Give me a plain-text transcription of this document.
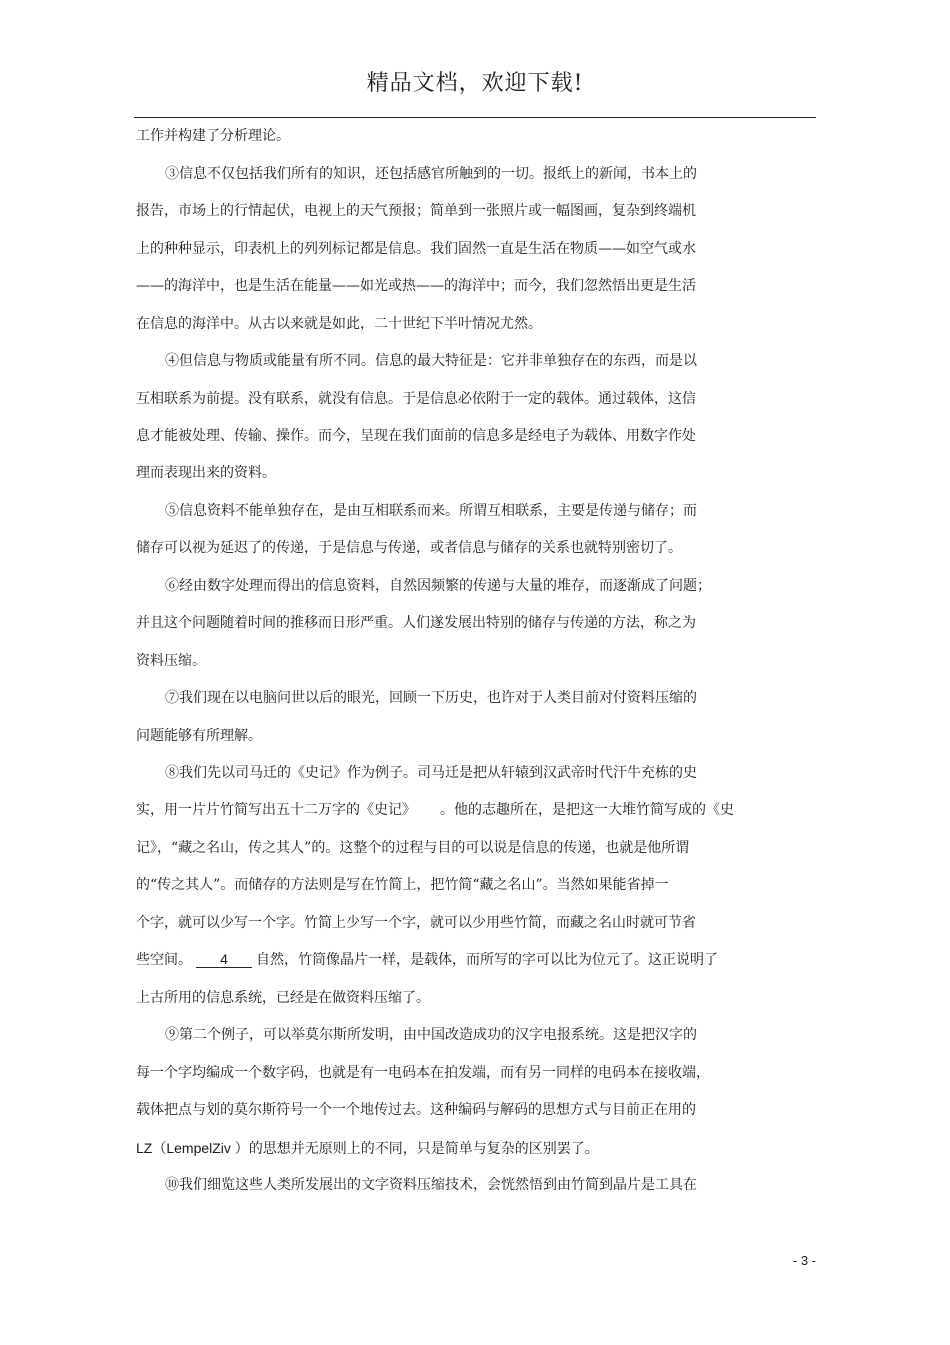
精品文档，欢迎下载!
工作并构建了分析理论。
③信息不仅包括我们所有的知识，还包括感官所触到的一切。报纸上的新闻，书本上的
报告，市场上的行情起伏，电视上的天气预报；简单到一张照片或一幅图画，复杂到终端机
上的种种显示，印表机上的列列标记都是信息。我们固然一直是生活在物质——如空气或水
——的海洋中，也是生活在能量——如光或热——的海洋中；而今，我们忽然悟出更是生活
在信息的海洋中。从古以来就是如此，二十世纪下半叶情况尤然。
④但信息与物质或能量有所不同。信息的最大特征是：它并非单独存在的东西，而是以
互相联系为前提。没有联系，就没有信息。于是信息必依附于一定的载体。通过载体，这信
息才能被处理、传输、操作。而今，呈现在我们面前的信息多是经电子为载体、用数字作处
理而表现出来的资料。
⑤信息资料不能单独存在，是由互相联系而来。所谓互相联系，主要是传递与储存；而
储存可以视为延迟了的传递，于是信息与传递，或者信息与储存的关系也就特别密切了。
⑥经由数字处理而得出的信息资料，自然因频繁的传递与大量的堆存，而逐渐成了问题；
并且这个问题随着时间的推移而日形严重。人们遂发展出特别的储存与传递的方法，称之为
资料压缩。
⑦我们现在以电脑问世以后的眼光，回顾一下历史，也许对于人类目前对付资料压缩的
问题能够有所理解。
⑧我们先以司马迁的《史记》作为例子。司马迁是把从轩辕到汉武帝时代汗牛充栋的史
实，用一片片竹简写出五十二万字的《史记》 。他的志趣所在，是把这一大堆竹简写成的《史
记》，“藏之名山，传之其人”的。这整个的过程与目的可以说是信息的传递，也就是他所谓
的“传之其人”。而储存的方法则是写在竹简上，把竹简“藏之名山”。当然如果能省掉一
个字，就可以少写一个字。竹简上少写一个字，就可以少用些竹简，而藏之名山时就可节省
些空间。 4 自然，竹筒像晶片一样，是载体，而所写的字可以比为位元了。这正说明了
上古所用的信息系统，已经是在做资料压缩了。
⑨第二个例子，可以举莫尔斯所发明，由中国改造成功的汉字电报系统。这是把汉字的
每一个字均编成一个数字码，也就是有一电码本在拍发端，而有另一同样的电码本在接收端，
载体把点与划的莫尔斯符号一个一个地传过去。这种编码与解码的思想方式与目前正在用的
LZ（LempelZiv ）的思想并无原则上的不同，只是简单与复杂的区别罢了。
⑩我们细览这些人类所发展出的文字资料压缩技术，会恍然悟到由竹简到晶片是工具在
- 3 -
